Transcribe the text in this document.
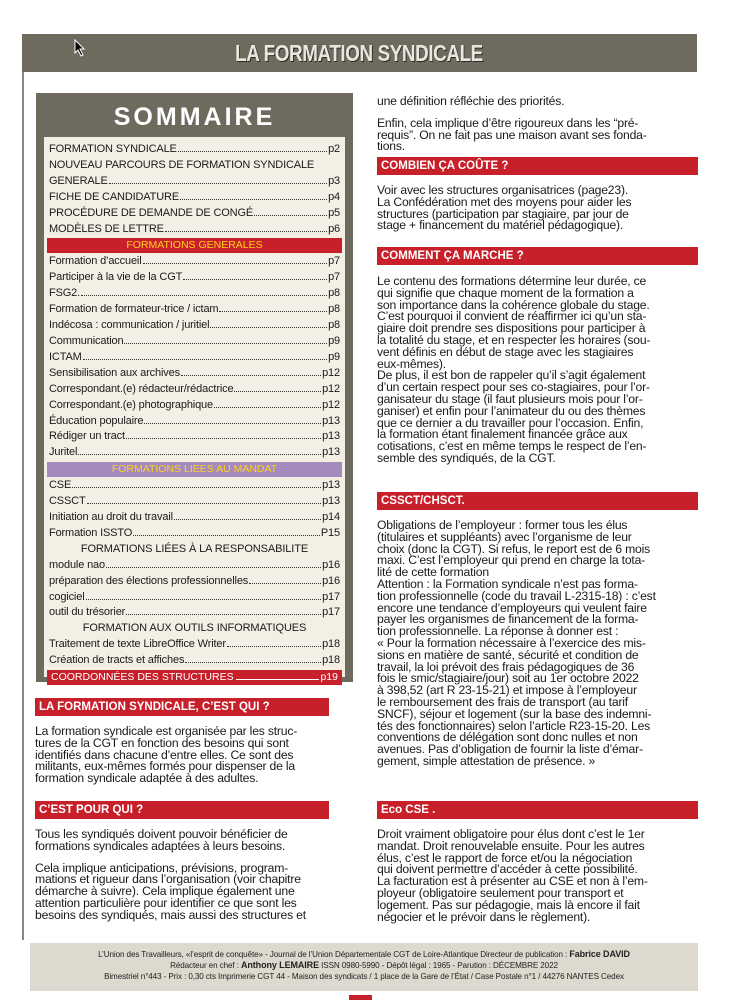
LA FORMATION SYNDICALE
SOMMAIRE
FORMATION SYNDICALE	p2
NOUVEAU PARCOURS DE FORMATION SYNDICALE
GENERALE	p3
FICHE DE CANDIDATURE	p4
PROCÉDURE DE DEMANDE DE CONGÉ	p5
MODÈLES DE LETTRE	p6
FORMATIONS GENERALES
Formation d’accueil	p7
Participer à la vie de la CGT	p7
FSG2.	p8
Formation de formateur-trice / ictam	p8
Indécosa : communication / juritiel	p8
Communication	p9
ICTAM	p9
Sensibilisation aux archives	p12
Correspondant.(e) rédacteur/rédactrice	p12
Correspondant.(e) photographique	p12
Éducation populaire	p13
Rédiger un tract	p13
Juritel	p13
FORMATIONS LIEES AU MANDAT
CSE	p13
CSSCT	p13
Initiation au droit du travail	p14
Formation ISSTO	P15
FORMATIONS LIÉES À LA RESPONSABILITE
module nao	p16
préparation des élections professionnelles	p16
cogiciel	p17
outil du trésorier	p17
FORMATION AUX OUTILS INFORMATIQUES
Traitement de texte LibreOffice Writer	p18
Création de tracts et affiches	p18
COORDONNÉES DES STRUCTURES	p19
LA FORMATION SYNDICALE, C’EST QUI ?

La formation syndicale est organisée par les struc-
tures de la CGT en fonction des besoins qui sont
identifiés dans chacune d’entre elles. Ce sont des
militants, eux-mêmes formés pour dispenser de la
formation syndicale adaptée à des adultes.

C’EST POUR QUI ?

Tous les syndiqués doivent pouvoir bénéficier de
formations syndicales adaptées à leurs besoins.

Cela implique anticipations, prévisions, program-
mations et rigueur dans l’organisation (voir chapitre
démarche à suivre). Cela implique également une
attention particulière pour identifier ce que sont les
besoins des syndiqués, mais aussi des structures et

une définition réfléchie des priorités.

Enfin, cela implique d’être rigoureux dans les “pré-
requis”. On ne fait pas une maison avant ses fonda-
tions.

COMBIEN ÇA COÛTE ?

Voir avec les structures organisatrices (page23).
La Confédération met des moyens pour aider les
structures (participation par stagiaire, par jour de
stage + financement du matériel pédagogique).

COMMENT ÇA MARCHE ?

Le contenu des formations détermine leur durée, ce
qui signifie que chaque moment de la formation a
son importance dans la cohérence globale du stage.
C’est pourquoi il convient de réaffirmer ici qu’un sta-
giaire doit prendre ses dispositions pour participer à
la totalité du stage, et en respecter les horaires (sou-
vent définis en début de stage avec les stagiaires
eux-mêmes).
De plus, il est bon de rappeler qu’il s’agit également
d’un certain respect pour ses co-stagiaires, pour l’or-
ganisateur du stage (il faut plusieurs mois pour l’or-
ganiser) et enfin pour l’animateur du ou des thèmes
que ce dernier a du travailler pour l’occasion. Enfin,
la formation étant finalement financée grâce aux
cotisations, c’est en même temps le respect de l’en-
semble des syndiqués, de la CGT.

CSSCT/CHSCT.

Obligations de l’employeur : former tous les élus
(titulaires et suppléants) avec l’organisme de leur
choix (donc la CGT). Si refus, le report est de 6 mois
maxi. C’est l’employeur qui prend en charge la tota-
lité de cette formation
Attention : la Formation syndicale n’est pas forma-
tion professionnelle (code du travail L-2315-18) : c’est
encore une tendance d’employeurs qui veulent faire
payer les organismes de financement de la forma-
tion professionnelle. La réponse à donner est :
« Pour la formation nécessaire à l’exercice des mis-
sions en matière de santé, sécurité et condition de
travail, la loi prévoit des frais pédagogiques de 36
fois le smic/stagiaire/jour) soit au 1er octobre 2022
à 398,52 (art R 23-15-21) et impose à l’employeur
le remboursement des frais de transport (au tarif
SNCF), séjour et logement (sur la base des indemni-
tés des fonctionnaires) selon l’article R23-15-20. Les
conventions de délégation sont donc nulles et non
avenues. Pas d’obligation de fournir la liste d’émar-
gement, simple attestation de présence. »

Eco CSE .

Droit vraiment obligatoire pour élus dont c’est le 1er
mandat. Droit renouvelable ensuite. Pour les autres
élus, c’est le rapport de force et/ou la négociation
qui doivent permettre d’accéder à cette possibilité.
La facturation est à présenter au CSE et non à l’em-
ployeur (obligatoire seulement pour transport et
logement. Pas sur pédagogie, mais là encore il fait
négocier et le prévoir dans le règlement).

L’Union des Travailleurs, «l’esprit de conquête» - Journal de l’Union Départementale CGT de Loire-Atlantique Directeur de publication : Fabrice DAVID
Rédacteur en chef : Anthony LEMAIRE ISSN 0980-5990 - Dépôt légal : 1965 - Parution : DÉCEMBRE 2022
Bimestriel n°443 - Prix : 0,30 cts Imprimerie CGT 44 - Maison des syndicats / 1 place de la Gare de l’État / Case Postale n°1 / 44276 NANTES Cedex
